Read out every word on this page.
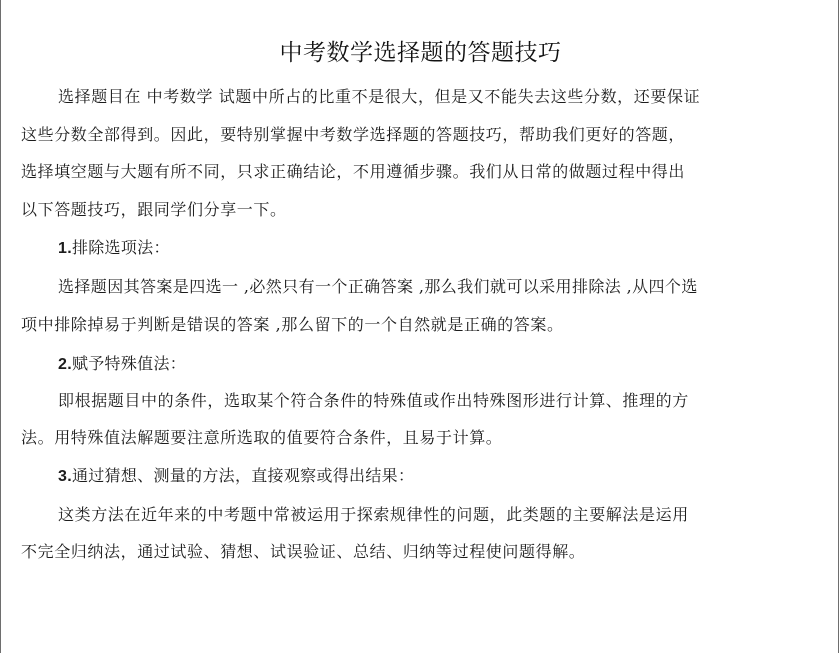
中考数学选择题的答题技巧
选择题目在 中考数学 试题中所占的比重不是很大，但是又不能失去这些分数，还要保证
这些分数全部得到。因此，要特别掌握中考数学选择题的答题技巧，帮助我们更好的答题，
选择填空题与大题有所不同，只求正确结论，不用遵循步骤。我们从日常的做题过程中得出
以下答题技巧，跟同学们分享一下。
1.排除选项法：
选择题因其答案是四选一 ,必然只有一个正确答案 ,那么我们就可以采用排除法 ,从四个选
项中排除掉易于判断是错误的答案 ,那么留下的一个自然就是正确的答案。
2.赋予特殊值法：
即根据题目中的条件，选取某个符合条件的特殊值或作出特殊图形进行计算、推理的方
法。用特殊值法解题要注意所选取的值要符合条件，且易于计算。
3.通过猜想、测量的方法，直接观察或得出结果：
这类方法在近年来的中考题中常被运用于探索规律性的问题，此类题的主要解法是运用
不完全归纳法，通过试验、猜想、试误验证、总结、归纳等过程使问题得解。
